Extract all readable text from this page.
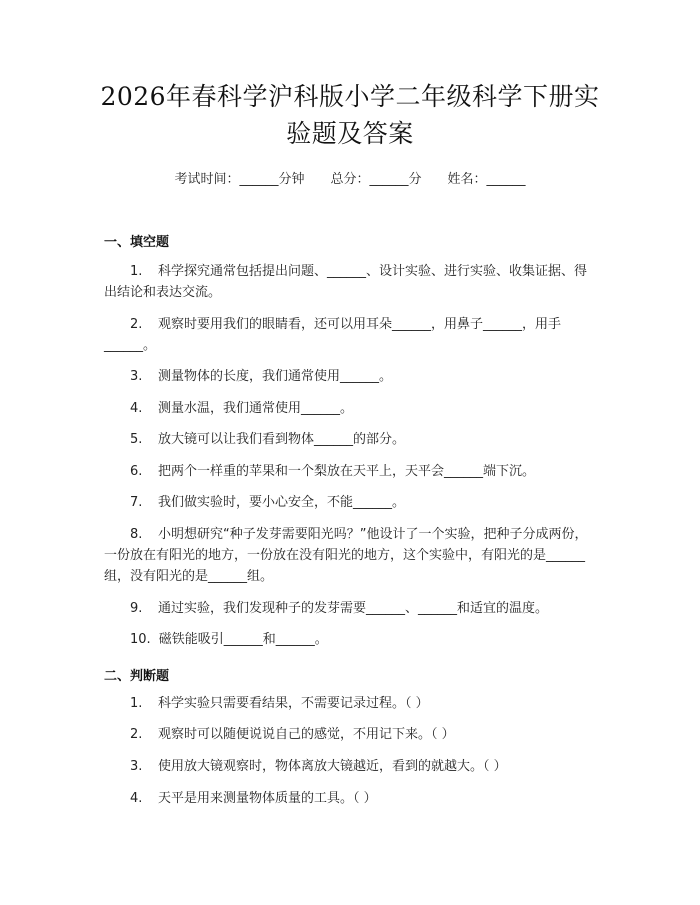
2026年春科学沪科版小学二年级科学下册实验题及答案
考试时间：______分钟 总分：______分 姓名：______
一、填空题
1. 科学探究通常包括提出问题、______、设计实验、进行实验、收集证据、得出结论和表达交流。
2. 观察时要用我们的眼睛看，还可以用耳朵______，用鼻子______，用手______。
3. 测量物体的长度，我们通常使用______。
4. 测量水温，我们通常使用______。
5. 放大镜可以让我们看到物体______的部分。
6. 把两个一样重的苹果和一个梨放在天平上，天平会______端下沉。
7. 我们做实验时，要小心安全，不能______。
8. 小明想研究“种子发芽需要阳光吗？”他设计了一个实验，把种子分成两份，一份放在有阳光的地方，一份放在没有阳光的地方，这个实验中，有阳光的是______组，没有阳光的是______组。
9. 通过实验，我们发现种子的发芽需要______、______和适宜的温度。
10. 磁铁能吸引______和______。
二、判断题
1. 科学实验只需要看结果，不需要记录过程。（ ）
2. 观察时可以随便说说自己的感觉，不用记下来。（ ）
3. 使用放大镜观察时，物体离放大镜越近，看到的就越大。（ ）
4. 天平是用来测量物体质量的工具。（ ）
